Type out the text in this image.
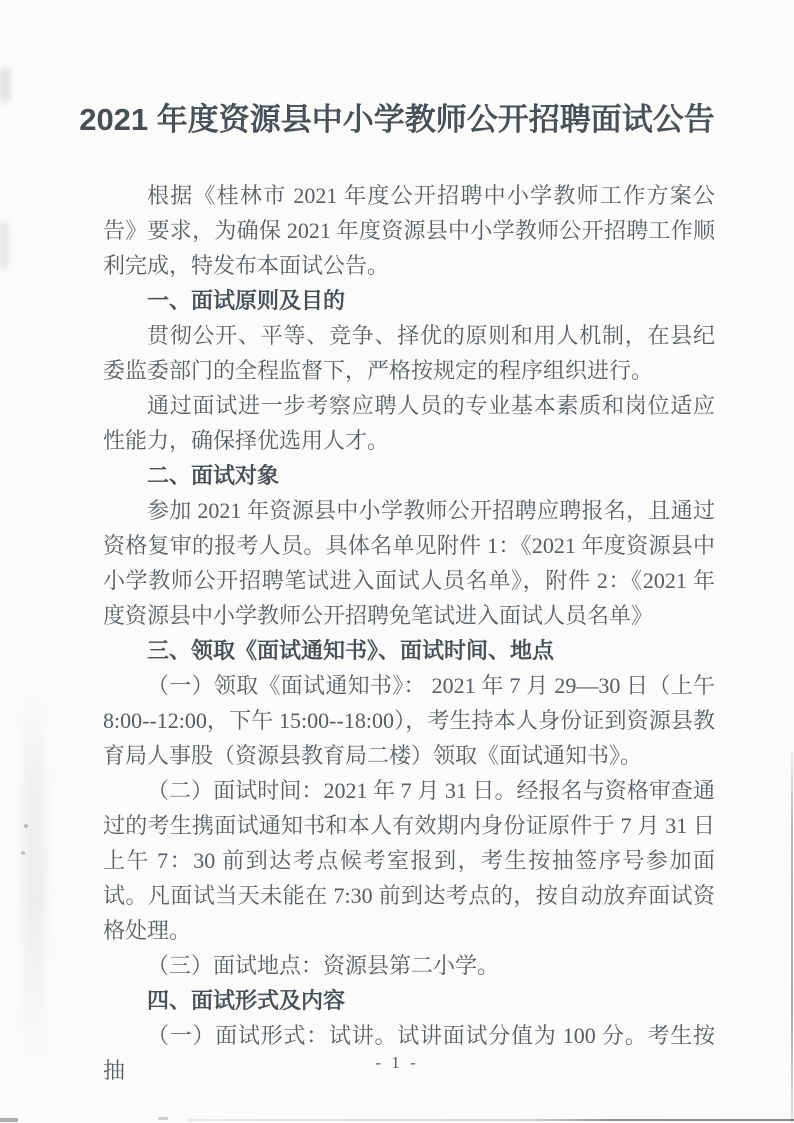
2021 年度资源县中小学教师公开招聘面试公告

根据《桂林市 2021 年度公开招聘中小学教师工作方案公告》要求，为确保 2021 年度资源县中小学教师公开招聘工作顺利完成，特发布本面试公告。

一、面试原则及目的

贯彻公开、平等、竞争、择优的原则和用人机制，在县纪委监委部门的全程监督下，严格按规定的程序组织进行。

通过面试进一步考察应聘人员的专业基本素质和岗位适应性能力，确保择优选用人才。

二、面试对象

参加 2021 年资源县中小学教师公开招聘应聘报名，且通过资格复审的报考人员。具体名单见附件 1：《2021 年度资源县中小学教师公开招聘笔试进入面试人员名单》，附件 2：《2021 年度资源县中小学教师公开招聘免笔试进入面试人员名单》

三、领取《面试通知书》、面试时间、地点

（一）领取《面试通知书》： 2021 年 7 月 29—30 日（上午 8:00--12:00，下午 15:00--18:00），考生持本人身份证到资源县教育局人事股（资源县教育局二楼）领取《面试通知书》。

（二）面试时间：2021 年 7 月 31 日。经报名与资格审查通过的考生携面试通知书和本人有效期内身份证原件于 7 月 31 日上午 7：30 前到达考点候考室报到，考生按抽签序号参加面试。凡面试当天未能在 7:30 前到达考点的，按自动放弃面试资格处理。

（三）面试地点：资源县第二小学。

四、面试形式及内容

（一）面试形式：试讲。试讲面试分值为 100 分。考生按抽	- 1 -
